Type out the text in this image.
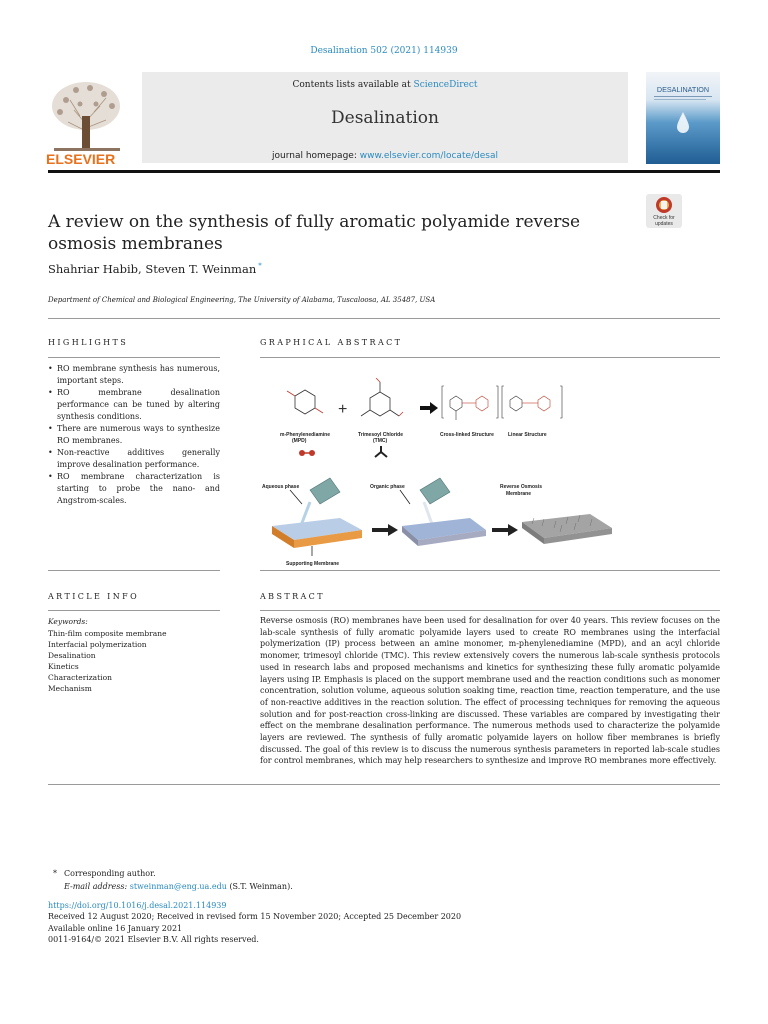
Desalination 502 (2021) 114939
ELSEVIER
Contents lists available at ScienceDirect
Desalination
journal homepage: www.elsevier.com/locate/desal
DESALINATION
A review on the synthesis of fully aromatic polyamide reverse
osmosis membranes
Check for
updates
Shahriar Habib, Steven T. Weinman *
Department of Chemical and Biological Engineering, The University of Alabama, Tuscaloosa, AL 35487, USA
HIGHLIGHTS
• RO membrane synthesis has numerous, important steps.
• RO membrane desalination performance can be tuned by altering synthesis conditions.
• There are numerous ways to synthesize RO membranes.
• Non-reactive additives generally improve desalination performance.
• RO membrane characterization is starting to probe the nano- and Angstrom-scales.
GRAPHICAL ABSTRACT
m-Phenylenediamine
(MPD)
+
Trimesoyl Chloride
(TMC)
Cross-linked Structure	Linear Structure
Aqueous phase
Supporting Membrane
Organic phase	Reverse Osmosis
Membrane
ARTICLE INFO
Keywords:
Thin-film composite membrane
Interfacial polymerization
Desalination
Kinetics
Characterization
Mechanism
ABSTRACT
Reverse osmosis (RO) membranes have been used for desalination for over 40 years. This review focuses on the lab-scale synthesis of fully aromatic polyamide layers used to create RO membranes using the interfacial polymerization (IP) process between an amine monomer, m-phenylenediamine (MPD), and an acyl chloride monomer, trimesoyl chloride (TMC). This review extensively covers the numerous lab-scale synthesis protocols used in research labs and proposed mechanisms and kinetics for synthesizing these fully aromatic polyamide layers using IP. Emphasis is placed on the support membrane used and the reaction conditions such as monomer concentration, solution volume, aqueous solution soaking time, reaction time, reaction temperature, and the use of non-reactive additives in the reaction solution. The effect of processing techniques for removing the aqueous solution and for post-reaction cross-linking are discussed. These variables are compared by investigating their effect on the membrane desalination performance. The numerous methods used to characterize the polyamide layers are reviewed. The synthesis of fully aromatic polyamide layers on hollow fiber membranes is briefly discussed. The goal of this review is to discuss the numerous synthesis parameters in reported lab-scale studies for control membranes, which may help researchers to synthesize and improve RO membranes more effectively.
* Corresponding author.
E-mail address: stweinman@eng.ua.edu (S.T. Weinman).
https://doi.org/10.1016/j.desal.2021.114939
Received 12 August 2020; Received in revised form 15 November 2020; Accepted 25 December 2020
Available online 16 January 2021
0011-9164/© 2021 Elsevier B.V. All rights reserved.
